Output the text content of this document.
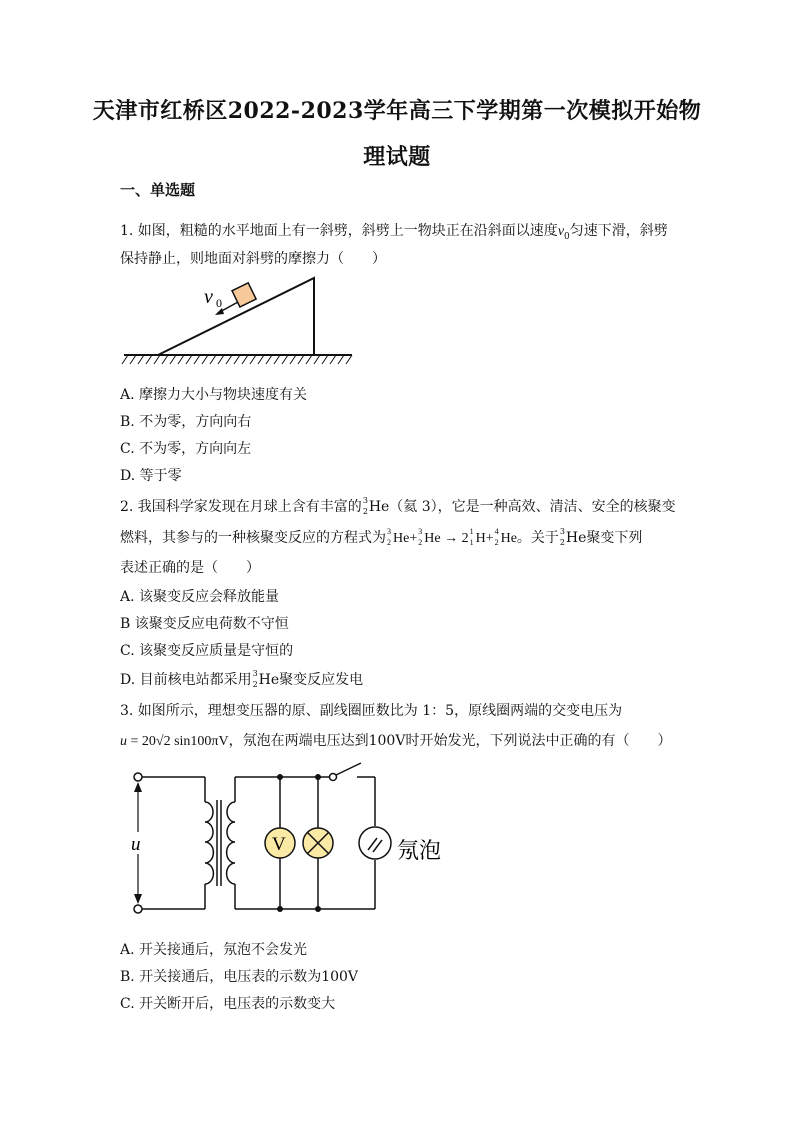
天津市红桥区2022-2023学年高三下学期第一次模拟开始物
理试题
一、单选题
1. 如图，粗糙的水平地面上有一斜劈，斜劈上一物块正在沿斜面以速度$v_0$匀速下滑，斜劈
保持静止，则地面对斜劈的摩擦力（　　）
v 0
A. 摩擦力大小与物块速度有关
B. 不为零，方向向右
C. 不为零，方向向左
D. 等于零
2. 我国科学家发现在月球上含有丰富的 3
2 He（氦 3），它是一种高效、清洁、安全的核聚变
燃料，其参与的一种核聚变反应的方程式为 3
2 He+ 3
2 He → 2 1
1 H+ 4
2 He。关于 3
2 He聚变下列
表述正确的是（　　）
A. 该聚变反应会释放能量
B 该聚变反应电荷数不守恒
C. 该聚变反应质量是守恒的
D. 目前核电站都采用 3
2 He聚变反应发电
3. 如图所示，理想变压器的原、副线圈匝数比为 1：5，原线圈两端的交变电压为
u = 20√2 sin100πV，氖泡在两端电压达到100V时开始发光，下列说法中正确的有（　　）
u	V	氖泡
A. 开关接通后，氖泡不会发光
B. 开关接通后，电压表的示数为100V
C. 开关断开后，电压表的示数变大
